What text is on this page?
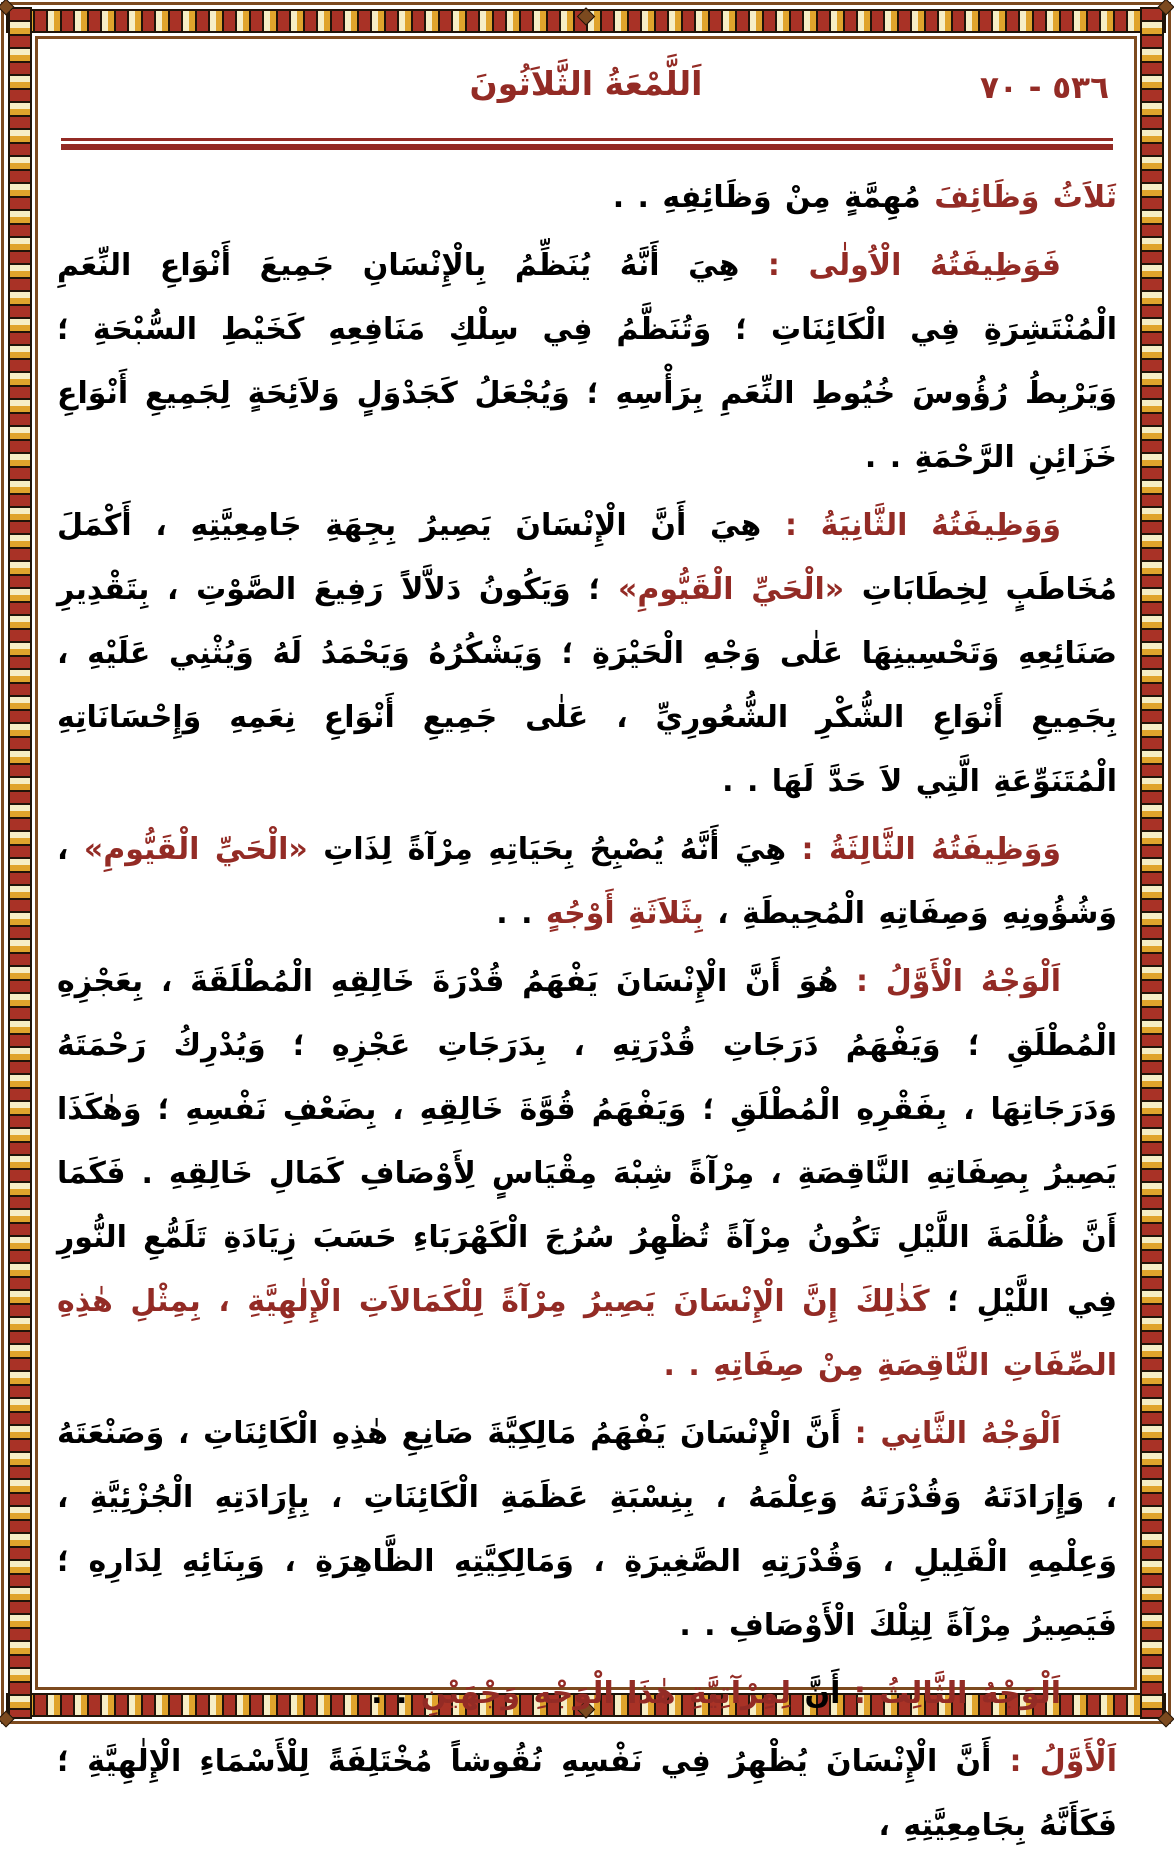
٥٣٦ - ٧٠
اَللَّمْعَةُ الثَّلاَثُونَ

ثَلاَثُ وَظَائِفَ مُهِمَّةٍ مِنْ وَظَائِفِهِ . .

فَوَظِيفَتُهُ الْاُولٰى : هِيَ أَنَّهُ يُنَظِّمُ بِالْإِنْسَانِ جَمِيعَ أَنْوَاعِ النِّعَمِ الْمُنْتَشِرَةِ فِي الْكَائِنَاتِ ؛ وَتُنَظَّمُ فِي سِلْكِ مَنَافِعِهِ كَخَيْطِ السُّبْحَةِ ؛ وَيَرْبِطُ رُؤُوسَ خُيُوطِ النِّعَمِ بِرَأْسِهِ ؛ وَيُجْعَلُ كَجَدْوَلٍ وَلاَئِحَةٍ لِجَمِيعِ أَنْوَاعِ خَزَائِنِ الرَّحْمَةِ . .

وَوَظِيفَتُهُ الثَّانِيَةُ : هِيَ أَنَّ الْإِنْسَانَ يَصِيرُ بِجِهَةِ جَامِعِيَّتِهِ ، أَكْمَلَ مُخَاطَبٍ لِخِطَابَاتِ «الْحَيِّ الْقَيُّومِ» ؛ وَيَكُونُ دَلاَّلاً رَفِيعَ الصَّوْتِ ، بِتَقْدِيرِ صَنَائِعِهِ وَتَحْسِينِهَا عَلٰى وَجْهِ الْحَيْرَةِ ؛ وَيَشْكُرُهُ وَيَحْمَدُ لَهُ وَيُثْنِي عَلَيْهِ ، بِجَمِيعِ أَنْوَاعِ الشُّكْرِ الشُّعُورِيِّ ، عَلٰى جَمِيعِ أَنْوَاعِ نِعَمِهِ وَإِحْسَانَاتِهِ الْمُتَنَوِّعَةِ الَّتِي لاَ حَدَّ لَهَا . .

وَوَظِيفَتُهُ الثَّالِثَةُ : هِيَ أَنَّهُ يُصْبِحُ بِحَيَاتِهِ مِرْآةً لِذَاتِ «الْحَيِّ الْقَيُّومِ» ، وَشُؤُونِهِ وَصِفَاتِهِ الْمُحِيطَةِ ، بِثَلاَثَةِ أَوْجُهٍ . .

اَلْوَجْهُ الْأَوَّلُ : هُوَ أَنَّ الْإِنْسَانَ يَفْهَمُ قُدْرَةَ خَالِقِهِ الْمُطْلَقَةَ ، بِعَجْزِهِ الْمُطْلَقِ ؛ وَيَفْهَمُ دَرَجَاتِ قُدْرَتِهِ ، بِدَرَجَاتِ عَجْزِهِ ؛ وَيُدْرِكُ رَحْمَتَهُ وَدَرَجَاتِهَا ، بِفَقْرِهِ الْمُطْلَقِ ؛ وَيَفْهَمُ قُوَّةَ خَالِقِهِ ، بِضَعْفِ نَفْسِهِ ؛ وَهٰكَذَا يَصِيرُ بِصِفَاتِهِ النَّاقِصَةِ ، مِرْآةً شِبْهَ مِقْيَاسٍ لِأَوْصَافِ كَمَالِ خَالِقِهِ . فَكَمَا أَنَّ ظُلْمَةَ اللَّيْلِ تَكُونُ مِرْآةً تُظْهِرُ سُرُجَ الْكَهْرَبَاءِ حَسَبَ زِيَادَةِ تَلَمُّعِ النُّورِ فِي اللَّيْلِ ؛ كَذٰلِكَ إِنَّ الْإِنْسَانَ يَصِيرُ مِرْآةً لِلْكَمَالاَتِ الْإِلٰهِيَّةِ ، بِمِثْلِ هٰذِهِ الصِّفَاتِ النَّاقِصَةِ مِنْ صِفَاتِهِ . .

اَلْوَجْهُ الثَّانِي : أَنَّ الْإِنْسَانَ يَفْهَمُ مَالِكِيَّةَ صَانِعِ هٰذِهِ الْكَائِنَاتِ ، وَصَنْعَتَهُ ، وَإِرَادَتَهُ وَقُدْرَتَهُ وَعِلْمَهُ ، بِنِسْبَةِ عَظَمَةِ الْكَائِنَاتِ ، بِإِرَادَتِهِ الْجُزْئِيَّةِ ، وَعِلْمِهِ الْقَلِيلِ ، وَقُدْرَتِهِ الصَّغِيرَةِ ، وَمَالِكِيَّتِهِ الظَّاهِرَةِ ، وَبِنَائِهِ لِدَارِهِ ؛ فَيَصِيرُ مِرْآةً لِتِلْكَ الْأَوْصَافِ . .

اَلْوَجْهُ الثَّالِثُ : أَنَّ لِمِرْآتِيَّةِ هٰذَا الْوَجْهِ وَجْهَيْنِ . .

اَلْأَوَّلُ : أَنَّ الْإِنْسَانَ يُظْهِرُ فِي نَفْسِهِ نُقُوشاً مُخْتَلِفَةً لِلْأَسْمَاءِ الْإِلٰهِيَّةِ ؛ فَكَأَنَّهُ بِجَامِعِيَّتِهِ ،
